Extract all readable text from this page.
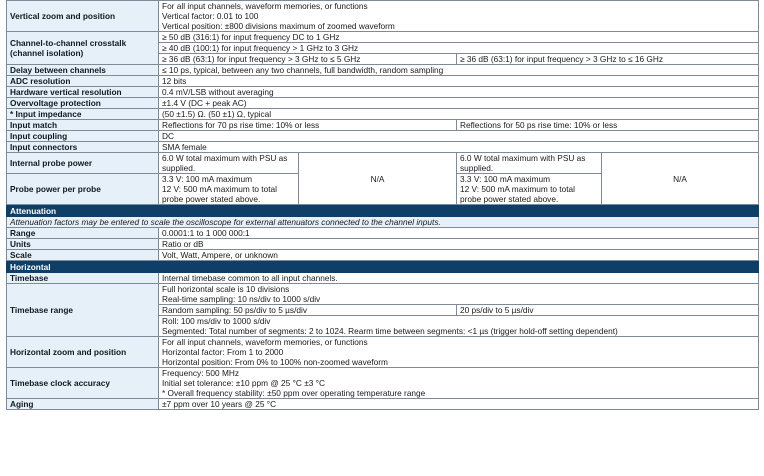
Vertical zoom and position	For all input channels, waveform memories, or functions
Vertical factor: 0.01 to 100
Vertical position: ±800 divisions maximum of zoomed waveform			

Channel-to-channel crosstalk (channel isolation)	≥ 50 dB (316:1) for input frequency DC to 1 GHz			
	≥ 40 dB (100:1) for input frequency > 1 GHz to 3 GHz			
	≥ 36 dB (63:1) for input frequency > 3 GHz to ≤ 5 GHz		≥ 36 dB (63:1) for input frequency > 3 GHz to ≤ 16 GHz	
Delay between channels	≤ 10 ps, typical, between any two channels, full bandwidth, random sampling			
ADC resolution	12 bits			
Hardware vertical resolution	0.4 mV/LSB without averaging			
Overvoltage protection	±1.4 V (DC + peak AC)			
* Input impedance	(50 ±1.5) Ω. (50 ±1) Ω, typical			
Input match	Reflections for 70 ps rise time: 10% or less		Reflections for 50 ps rise time: 10% or less	
Input coupling	DC			
Input connectors	SMA female			
Internal probe power	6.0 W total maximum with PSU as supplied.	N/A	6.0 W total maximum with PSU as supplied.	N/A
Probe power per probe	3.3 V: 100 mA maximum
12 V: 500 mA maximum to total probe power stated above.		3.3 V: 100 mA maximum
12 V: 500 mA maximum to total probe power stated above.	

Attenuation				
Attenuation factors may be entered to scale the oscilloscope for external attenuators connected to the channel inputs.				
Range	0.0001:1 to 1 000 000:1			
Units	Ratio or dB			
Scale	Volt, Watt, Ampere, or unknown			
Horizontal				
Timebase	Internal timebase common to all input channels.			
Timebase range	Full horizontal scale is 10 divisions
Real-time sampling: 10 ns/div to 1000 s/div			

	Random sampling: 50 ps/div to 5 µs/div		20 ps/div to 5 µs/div	

	Roll: 100 ms/div to 1000 s/div
Segmented: Total number of segments: 2 to 1024. Rearm time between segments: <1 µs (trigger hold-off setting dependent)			

Horizontal zoom and position	For all input channels, waveform memories, or functions
Horizontal factor: From 1 to 2000
Horizontal position: From 0% to 100% non-zoomed waveform			

Timebase clock accuracy	Frequency: 500 MHz
Initial set tolerance: ±10 ppm @ 25 °C ±3 °C
* Overall frequency stability: ±50 ppm over operating temperature range			

Aging	±7 ppm over 10 years @ 25 °C			
